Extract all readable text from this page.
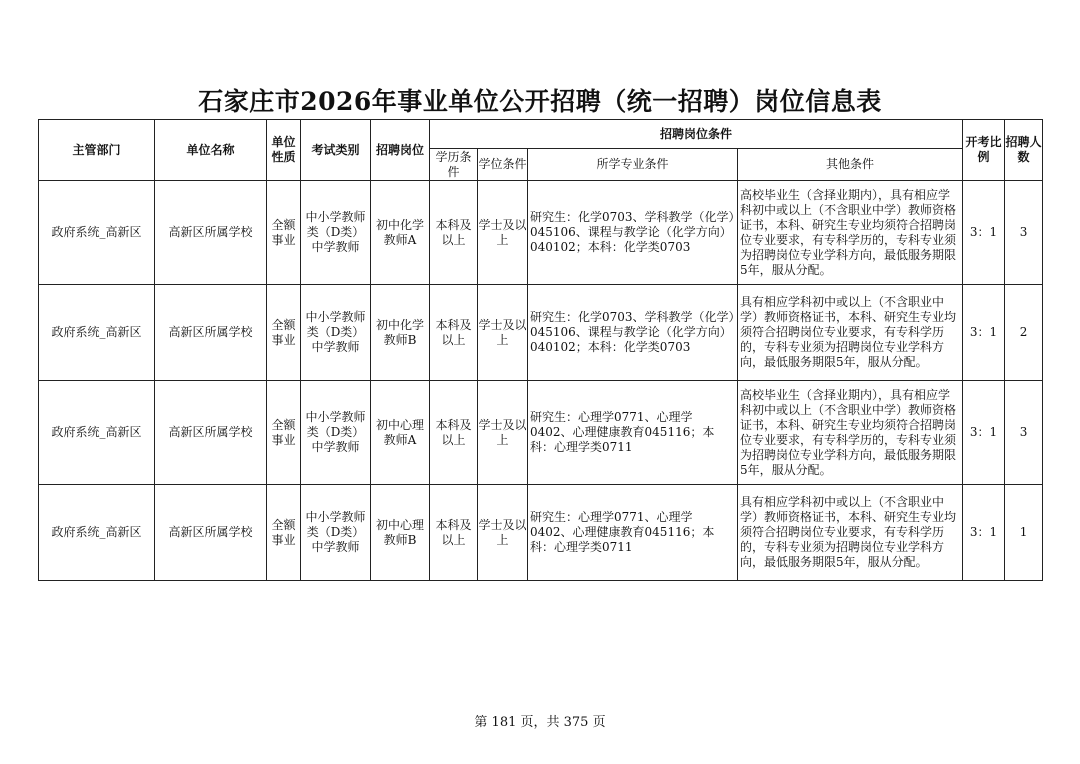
石家庄市2026年事业单位公开招聘（统一招聘）岗位信息表
主管部门	单位名称	单位性质	考试类别	招聘岗位	招聘岗位条件				开考比例	招聘人数
					学历条件	学位条件	所学专业条件	其他条件		
政府系统_高新区	高新区所属学校	全额事业	中小学教师类（D类）中学教师	初中化学教师A	本科及以上	学士及以上	研究生：化学0703、学科教学（化学）045106、课程与教学论（化学方向）040102；本科：化学类0703	高校毕业生（含择业期内），具有相应学科初中或以上（不含职业中学）教师资格证书，本科、研究生专业均须符合招聘岗位专业要求，有专科学历的，专科专业须为招聘岗位专业学科方向，最低服务期限5年，服从分配。	3：1	3
政府系统_高新区	高新区所属学校	全额事业	中小学教师类（D类）中学教师	初中化学教师B	本科及以上	学士及以上	研究生：化学0703、学科教学（化学）045106、课程与教学论（化学方向）040102；本科：化学类0703	具有相应学科初中或以上（不含职业中学）教师资格证书，本科、研究生专业均须符合招聘岗位专业要求，有专科学历的，专科专业须为招聘岗位专业学科方向，最低服务期限5年，服从分配。	3：1	2
政府系统_高新区	高新区所属学校	全额事业	中小学教师类（D类）中学教师	初中心理教师A	本科及以上	学士及以上	研究生：心理学0771、心理学0402、心理健康教育045116；本科：心理学类0711	高校毕业生（含择业期内），具有相应学科初中或以上（不含职业中学）教师资格证书，本科、研究生专业均须符合招聘岗位专业要求，有专科学历的，专科专业须为招聘岗位专业学科方向，最低服务期限5年，服从分配。	3：1	3
政府系统_高新区	高新区所属学校	全额事业	中小学教师类（D类）中学教师	初中心理教师B	本科及以上	学士及以上	研究生：心理学0771、心理学0402、心理健康教育045116；本科：心理学类0711	具有相应学科初中或以上（不含职业中学）教师资格证书，本科、研究生专业均须符合招聘岗位专业要求，有专科学历的，专科专业须为招聘岗位专业学科方向，最低服务期限5年，服从分配。	3：1	1
第 181 页，共 375 页
